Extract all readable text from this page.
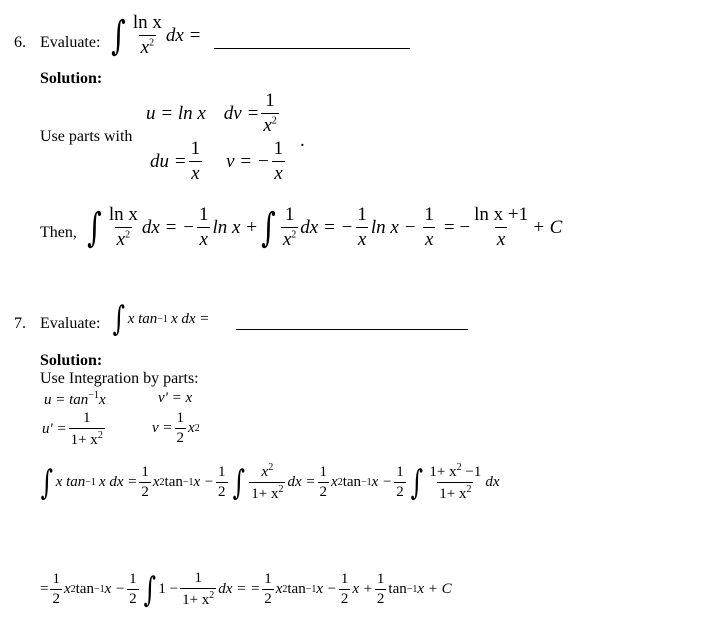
6. Evaluate: ∫ $\frac{\text{ln x}}{x^2}$ dx =
Solution:
u = ln x dv = $\frac{1}{x^2}$
Use parts with	.
du = $\frac{1}{x}$ v = − $\frac{1}{x}$
Then, ∫ $\frac{\text{ln x}}{x^2}$ dx = − $\frac{1}{x}$ ln x + ∫ $\frac{1}{x^2}$ dx = − $\frac{1}{x}$ $\ln x - \frac{1}{x}$ = − $\frac{\text{ln x +1}}{x} + C$
7. Evaluate: ∫ x tan −1 x dx =
Solution:
Use Integration by parts:
$u = \tan^{-1}x$	v' = x
$u' = \frac{1}{1+ x^2}$	$v = \frac{1}{2}$ x 2
∫ x tan −1 x dx = $\frac{1}{2}$ x 2 tan −1 $x - \frac{1}{2}$ ∫ $\frac{x^2}{1+ x^2}$ dx = $\frac{1}{2}$ x 2 tan −1 $x - \frac{1}{2}$ ∫ $\frac{1+ x^2 -1}{1+ x^2}$ dx
= $\frac{1}{2}$ x 2 tan −1 $x - \frac{1}{2}$ ∫ $1 - \frac{1}{1+ x^2}$ dx = = $\frac{1}{2}$ x 2 tan −1 $x - \frac{1}{2}$ $x + \frac{1}{2}$ tan −1 x + C
